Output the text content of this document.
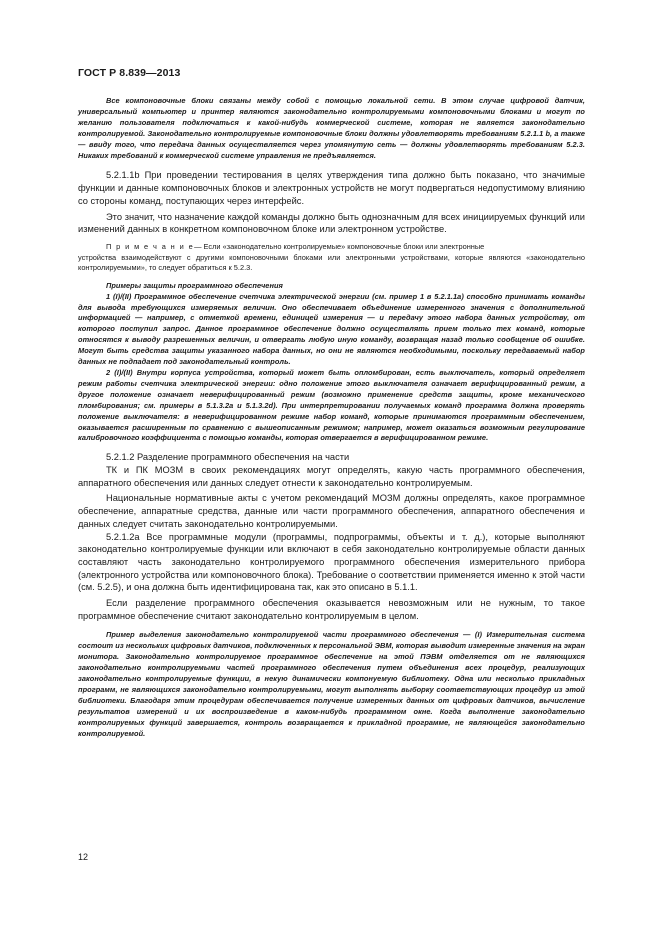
ГОСТ Р 8.839—2013

Все компоновочные блоки связаны между собой с помощью локальной сети. В этом случае цифровой датчик, универсальный компьютер и принтер являются законодательно контролируемыми компоновочными блоками и могут по желанию пользователя подключаться к какой-нибудь коммерческой системе, которая не является законодательно контролируемой. Законодательно контролируемые компоновочные блоки должны удовлетворять требованиям 5.2.1.1 b, а также — ввиду того, что передача данных осуществляется через упомянутую сеть — должны удовлетворять требованиям 5.2.3. Никаких требований к коммерческой системе управления не предъявляется.

5.2.1.1b При проведении тестирования в целях утверждения типа должно быть показано, что значимые функции и данные компоновочных блоков и электронных устройств не могут подвергаться недопустимому влиянию со стороны команд, поступающих через интерфейс.

Это значит, что назначение каждой команды должно быть однозначным для всех инициируемых функций или изменений данных в конкретном компоновочном блоке или электронном устройстве.

П р и м е ч а н и е— Если «законодательно контролируемые» компоновочные блоки или электронные

устройства взаимодействуют с другими компоновочными блоками или электронными устройствами, которые являются «законодательно контролируемыми», то следует обратиться к 5.2.3.

Примеры защиты программного обеспечения

1 (I)/(II) Программное обеспечение счетчика электрической энергии (см. пример 1 в 5.2.1.1а) способно принимать команды для вывода требующихся измеряемых величин. Оно обеспечивает объединение измеренного значения с дополнительной информацией — например, с отметкой времени, единицей измерения — и передачу этого набора данных устройству, от которого поступил запрос. Данное программное обеспечение должно осуществлять прием только тех команд, которые относятся к выводу разрешенных величин, и отвергать любую иную команду, возвращая назад только сообщение об ошибке. Могут быть средства защиты указанного набора данных, но они не являются необходимыми, поскольку передаваемый набор данных не подпадает под законодательный контроль.

2 (I)/(II) Внутри корпуса устройства, который может быть опломбирован, есть выключатель, который определяет режим работы счетчика электрической энергии: одно положение этого выключателя означает верифицированный режим, а другое положение означает неверифицированный режим (возможно применение средств защиты, кроме механического пломбирования; см. примеры в 5.1.3.2а и 5.1.3.2d). При интерпретировании получаемых команд программа должна проверять положение выключателя: в неверифицированном режиме набор команд, которые принимаются программным обеспечением, оказывается расширенным по сравнению с вышеописанным режимом; например, может оказаться возможным регулирование калибровочного коэффициента с помощью команды, которая отвергается в верифицированном режиме.

5.2.1.2 Разделение программного обеспечения на части

ТК и ПК МОЗМ в своих рекомендациях могут определять, какую часть программного обеспечения, аппаратного обеспечения или данных следует отнести к законодательно контролируемым.

Национальные нормативные акты с учетом рекомендаций МОЗМ должны определять, какое программное обеспечение, аппаратные средства, данные или части программного обеспечения, аппаратного обеспечения и данных следует считать законодательно контролируемыми.

5.2.1.2а Все программные модули (программы, подпрограммы, объекты и т. д.), которые выполняют законодательно контролируемые функции или включают в себя законодательно контролируемые области данных составляют часть законодательно контролируемого программного обеспечения измерительного прибора (электронного устройства или компоновочного блока). Требование о соответствии применяется именно к этой части (см. 5.2.5), и она должна быть идентифицирована так, как это описано в 5.1.1.

Если разделение программного обеспечения оказывается невозможным или не нужным, то такое программное обеспечение считают законодательно контролируемым в целом.

Пример выделения законодательно контролируемой части программного обеспечения — (I) Измерительная система состоит из нескольких цифровых датчиков, подключенных к персональной ЭВМ, которая выводит измеренные значения на экран монитора. Законодательно контролируемое программное обеспечение на этой ПЭВМ отделяется от не являющихся законодательно контролируемыми частей программного обеспечения путем объединения всех процедур, реализующих законодательно контролируемые функции, в некую динамически компонуемую библиотеку. Одна или несколько прикладных программ, не являющихся законодательно контролируемыми, могут выполнять выборку соответствующих процедур из этой библиотеки. Благодаря этим процедурам обеспечивается получение измеренных данных от цифровых датчиков, вычисление результатов измерений и их воспроизведение в каком-нибудь программном окне. Когда выполнение законодательно контролируемых функций завершается, контроль возвращается к прикладной программе, не являющейся законодательно контролируемой.

12
